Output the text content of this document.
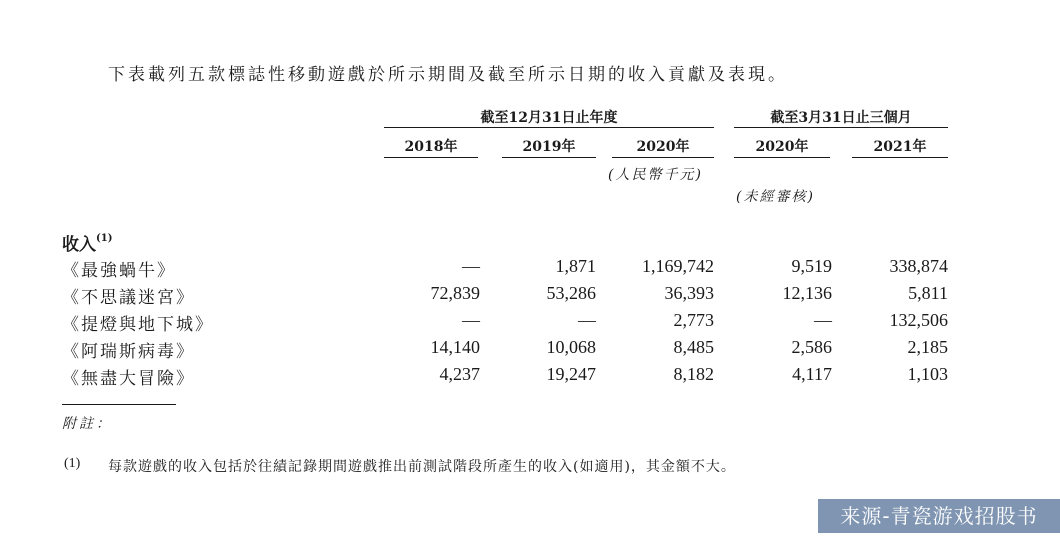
下表載列五款標誌性移動遊戲於所示期間及截至所示日期的收入貢獻及表現。
截至12月31日止年度	截至3月31日止三個月
2018年	2019年	2020年	2020年	2021年
(人民幣千元)
(未經審核)
收入$^{(1)}$
《最強蝸牛》	—	1,871	1,169,742	9,519	338,874
《不思議迷宮》	72,839	53,286	36,393	12,136	5,811
《提燈與地下城》	—	—	2,773	—	132,506
《阿瑞斯病毒》	14,140	10,068	8,485	2,586	2,185
《無盡大冒險》	4,237	19,247	8,182	4,117	1,103
附註：
(1) 每款遊戲的收入包括於往績記錄期間遊戲推出前測試階段所產生的收入(如適用)，其金額不大。
来源-青瓷游戏招股书
